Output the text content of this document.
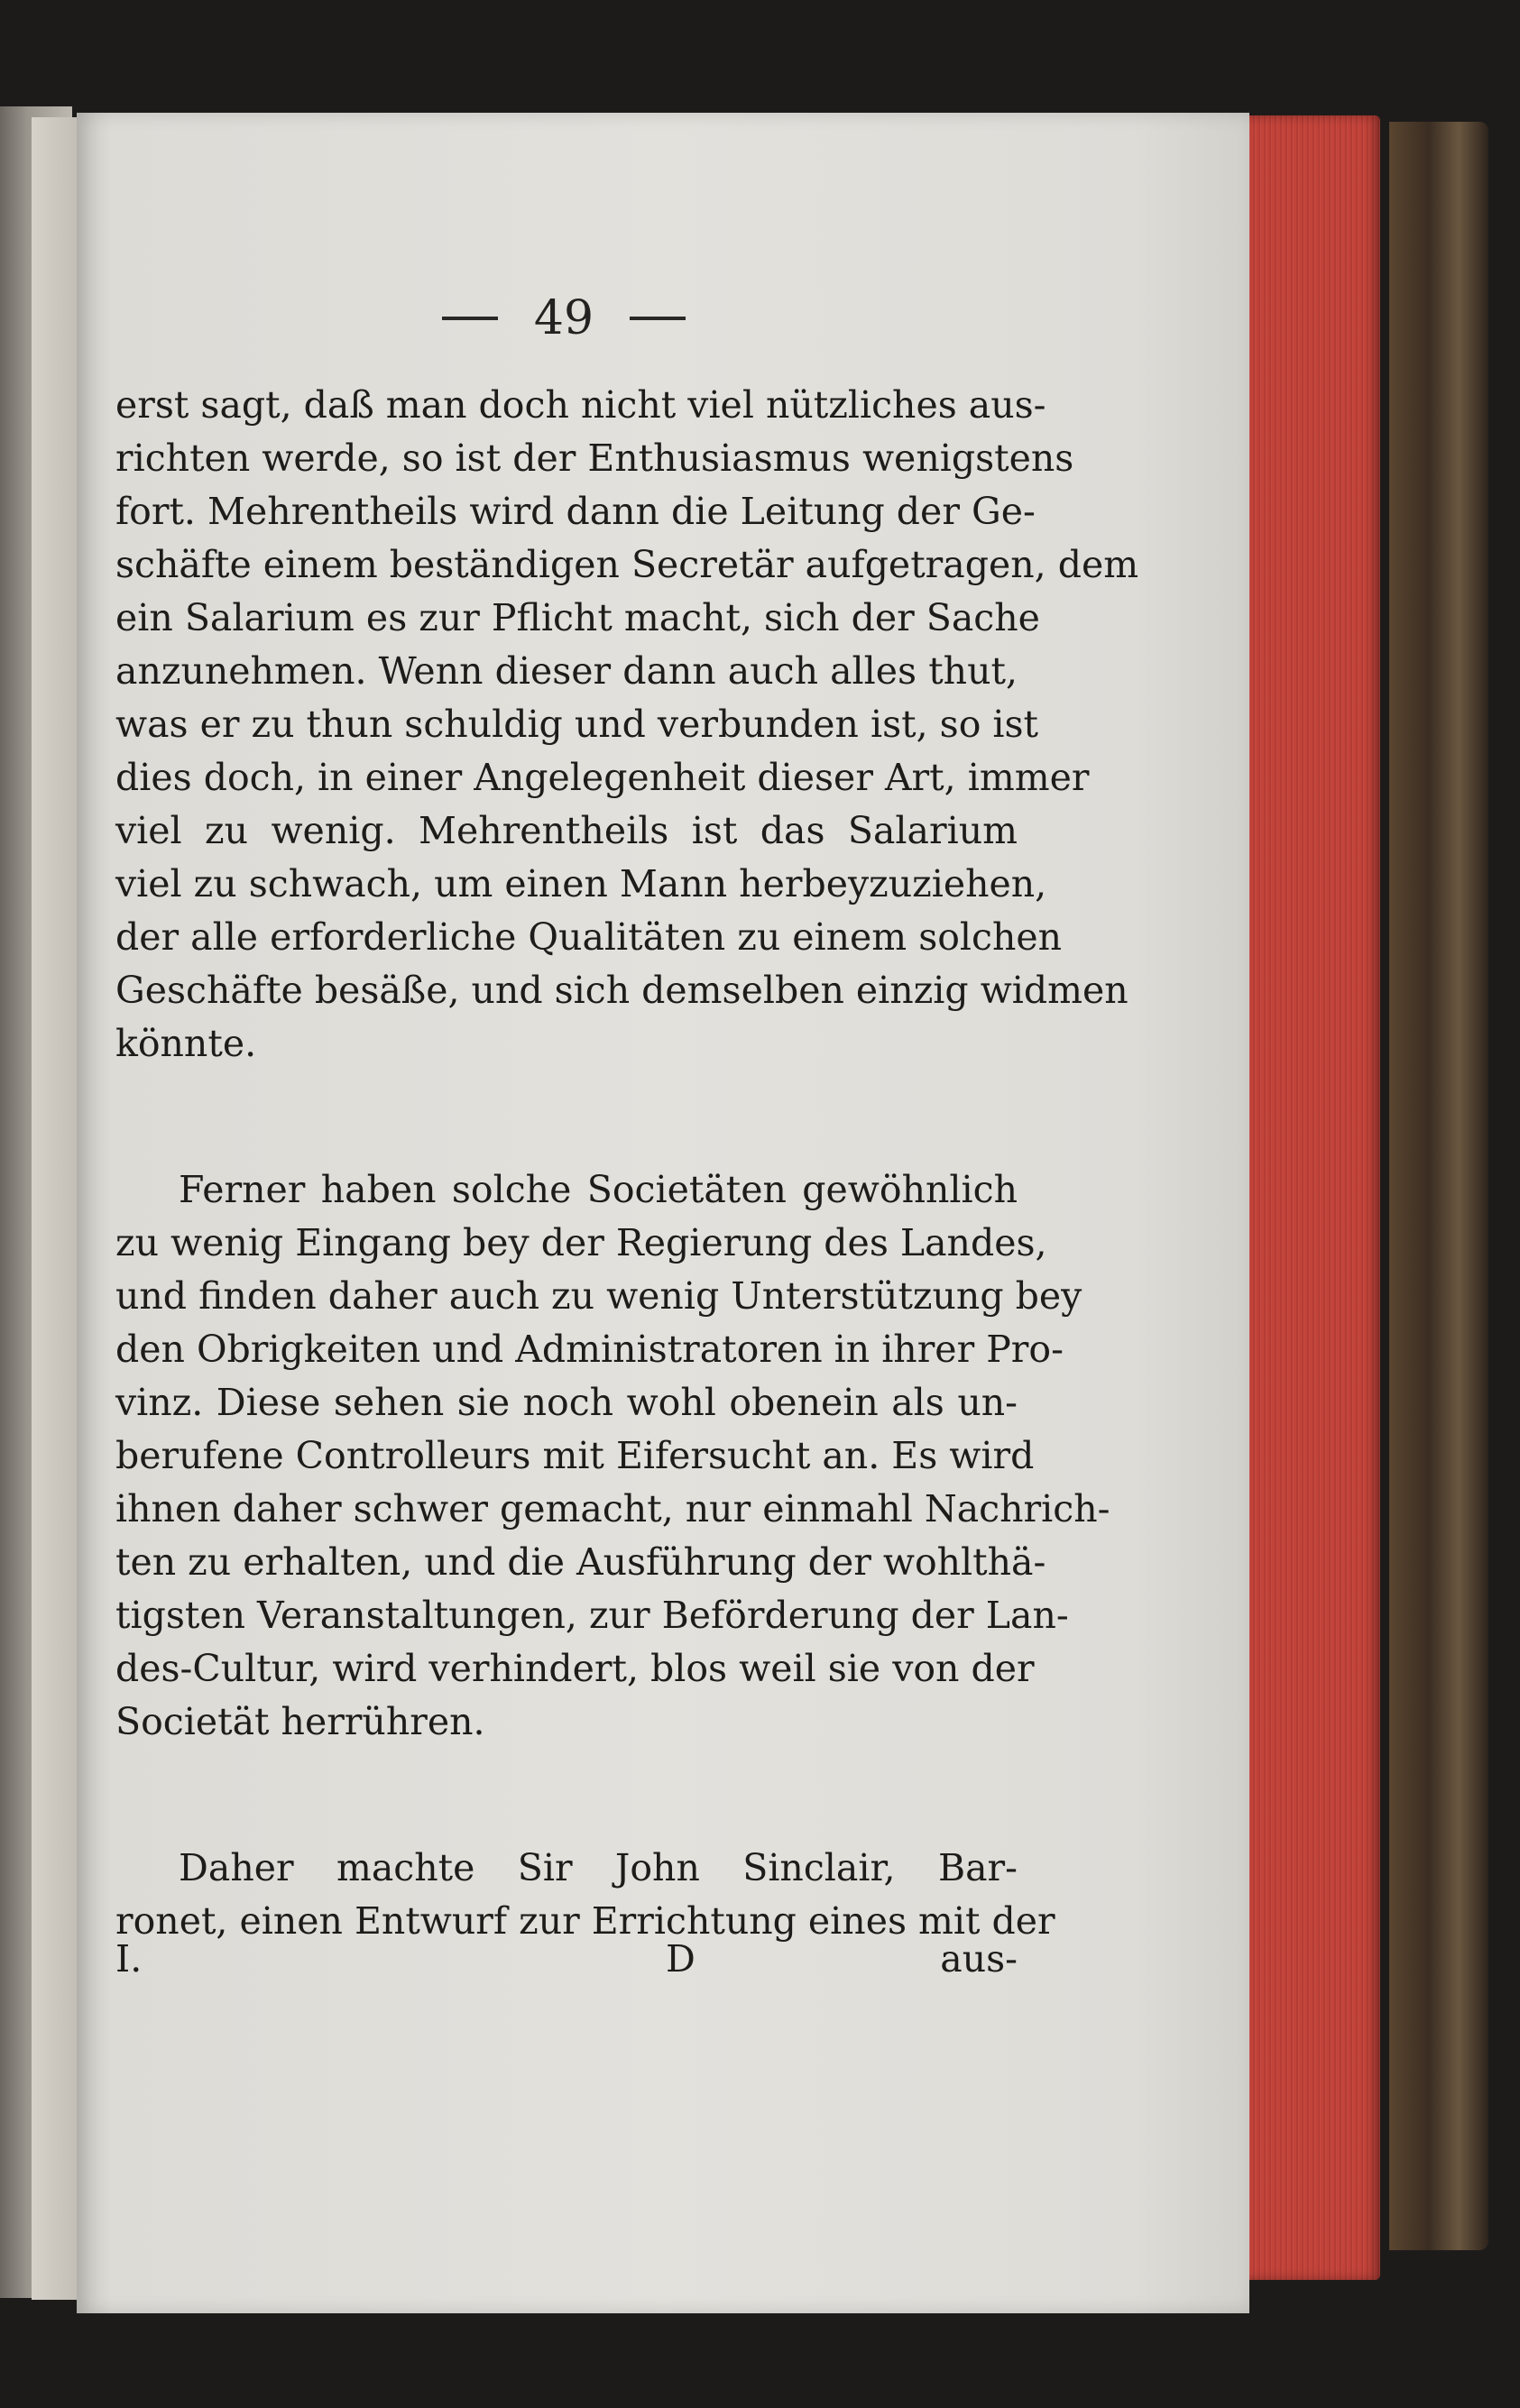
49
erst sagt, daß man doch nicht viel nützliches aus-
richten werde, so ist der Enthusiasmus wenigstens
fort. Mehrentheils wird dann die Leitung der Ge-
schäfte einem beständigen Secretär aufgetragen, dem
ein Salarium es zur Pflicht macht, sich der Sache
anzunehmen. Wenn dieser dann auch alles thut,
was er zu thun schuldig und verbunden ist, so ist
dies doch, in einer Angelegenheit dieser Art, immer
viel zu wenig. Mehrentheils ist das Salarium
viel zu schwach, um einen Mann herbeyzuziehen,
der alle erforderliche Qualitäten zu einem solchen
Geschäfte besäße, und sich demselben einzig widmen
könnte.
Ferner haben solche Societäten gewöhnlich
zu wenig Eingang bey der Regierung des Landes,
und finden daher auch zu wenig Unterstützung bey
den Obrigkeiten und Administratoren in ihrer Pro-
vinz. Diese sehen sie noch wohl obenein als un-
berufene Controlleurs mit Eifersucht an. Es wird
ihnen daher schwer gemacht, nur einmahl Nachrich-
ten zu erhalten, und die Ausführung der wohlthä-
tigsten Veranstaltungen, zur Beförderung der Lan-
des-Cultur, wird verhindert, blos weil sie von der
Societät herrühren.
Daher machte Sir John Sinclair, Bar-
ronet, einen Entwurf zur Errichtung eines mit der
I.	D	aus-
